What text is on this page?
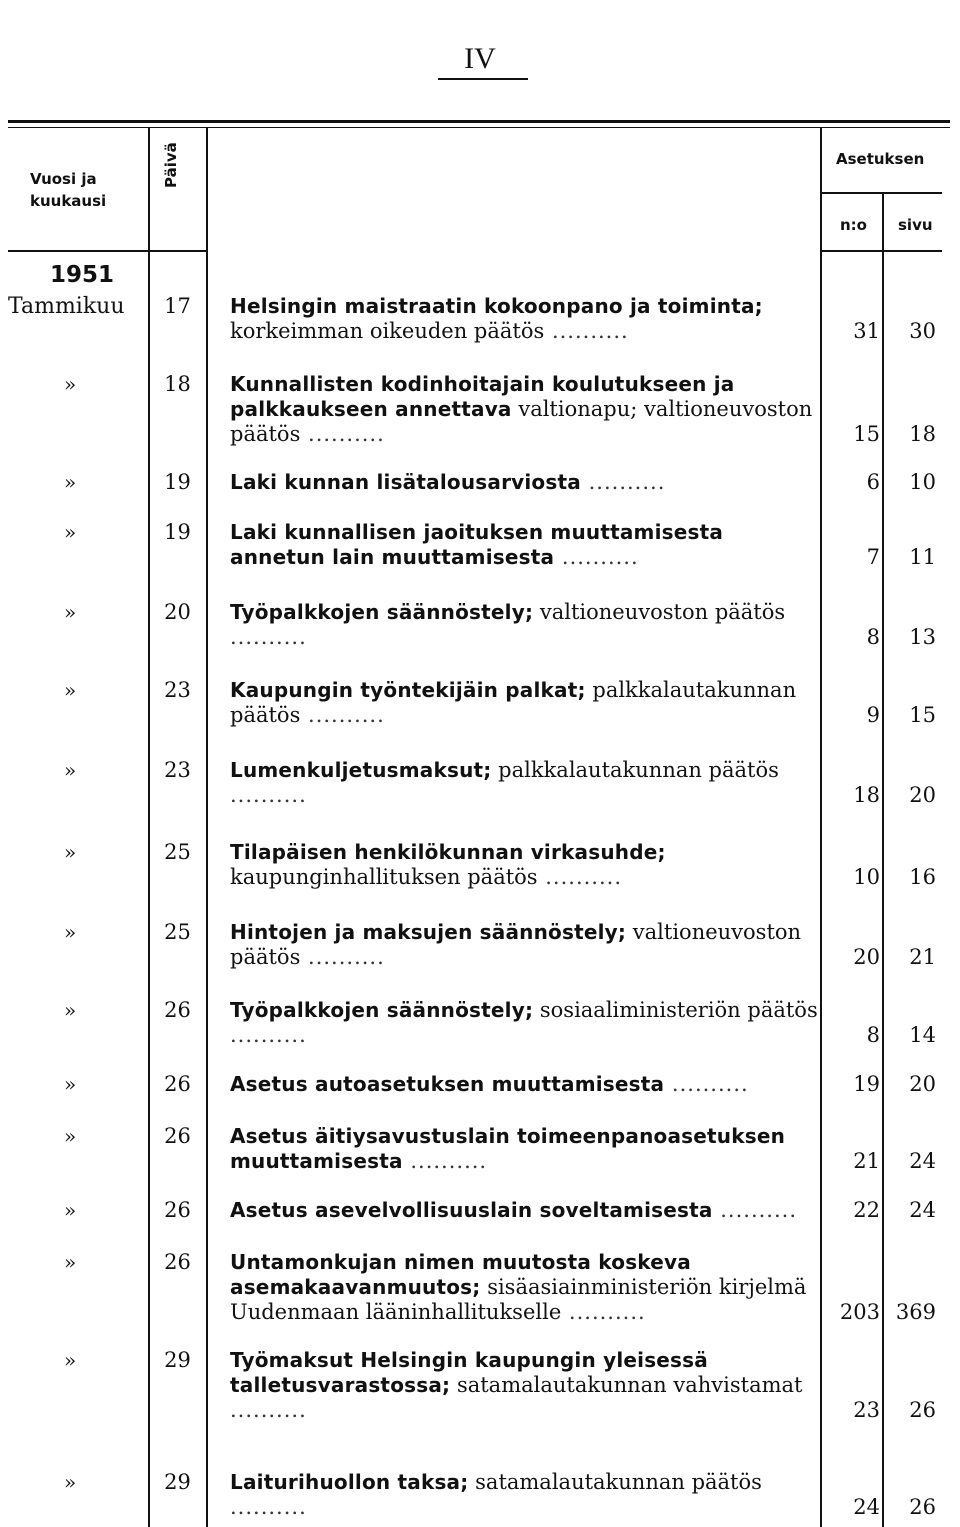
IV
Vuosi ja kuukausi
Päivä	Asetuksen
n:o sivu
1951
Tammikuu	17	Helsingin maistraatin kokoonpano ja toiminta; korkeimman oikeuden päätös ..........	31	30
»	18	Kunnallisten kodinhoitajain koulutukseen ja palkkaukseen annettava valtionapu; valtioneuvoston päätös ..........	15	18
»	19	Laki kunnan lisätalousarviosta ..........	6	10
»	19	Laki kunnallisen jaoituksen muuttamisesta annetun lain muuttamisesta ..........	7	11
»	20	Työpalkkojen säännöstely; valtioneuvoston päätös ..........	8	13
»	23	Kaupungin työntekijäin palkat; palkkalautakunnan päätös ..........	9	15
»	23	Lumenkuljetusmaksut; palkkalautakunnan päätös ..........	18	20
»	25	Tilapäisen henkilökunnan virkasuhde; kaupunginhallituksen päätös ..........	10	16
»	25	Hintojen ja maksujen säännöstely; valtioneuvoston päätös ..........	20	21
»	26	Työpalkkojen säännöstely; sosiaaliministeriön päätös ..........	8	14
»	26	Asetus autoasetuksen muuttamisesta ..........	19	20
»	26	Asetus äitiysavustuslain toimeenpanoasetuksen muuttamisesta ..........	21	24
»	26	Asetus asevelvollisuuslain soveltamisesta ..........	22	24
»	26	Untamonkujan nimen muutosta koskeva asemakaavanmuutos; sisäasiainministeriön kirjelmä Uudenmaan lääninhallitukselle ..........	203 369
»	29	Työmaksut Helsingin kaupungin yleisessä talletusvarastossa; satamalautakunnan vahvistamat ..........	23	26
»	29	Laiturihuollon taksa; satamalautakunnan päätös ..........	24	26
